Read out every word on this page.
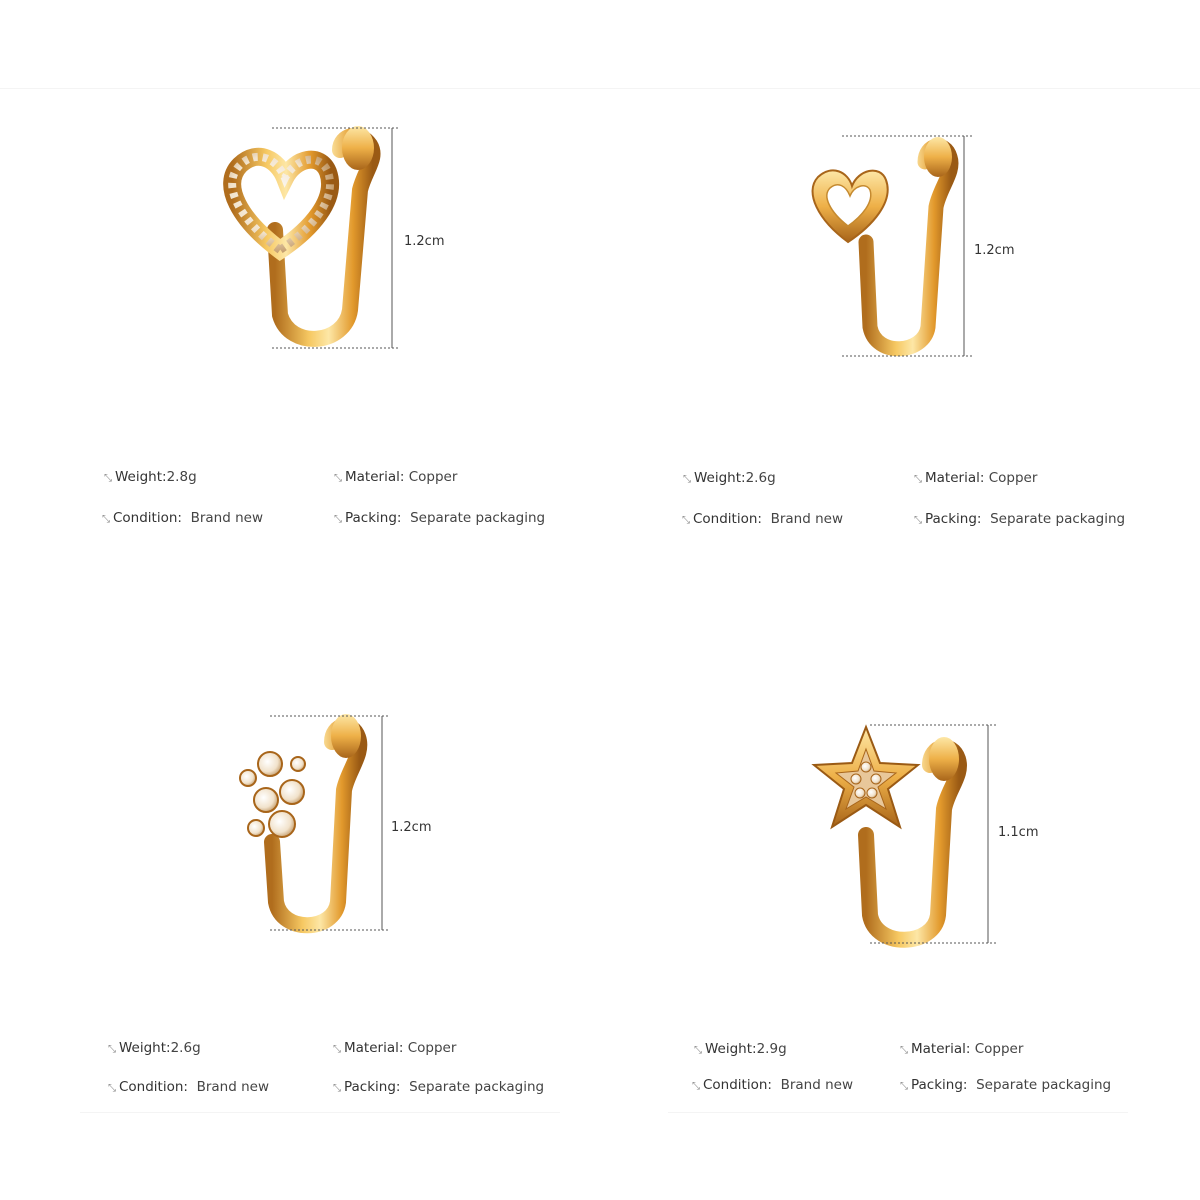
1.2cm
⤡ Weight:2.8g	⤡ Material: Copper
⤡ Condition: Brand new	⤡ Packing: Separate packaging
1.2cm
⤡ Weight:2.6g	⤡ Material: Copper
⤡ Condition: Brand new	⤡ Packing: Separate packaging
1.2cm
⤡ Weight:2.6g	⤡ Material: Copper
⤡ Condition: Brand new	⤡ Packing: Separate packaging
1.1cm
⤡ Weight:2.9g	⤡ Material: Copper
⤡ Condition: Brand new	⤡ Packing: Separate packaging
